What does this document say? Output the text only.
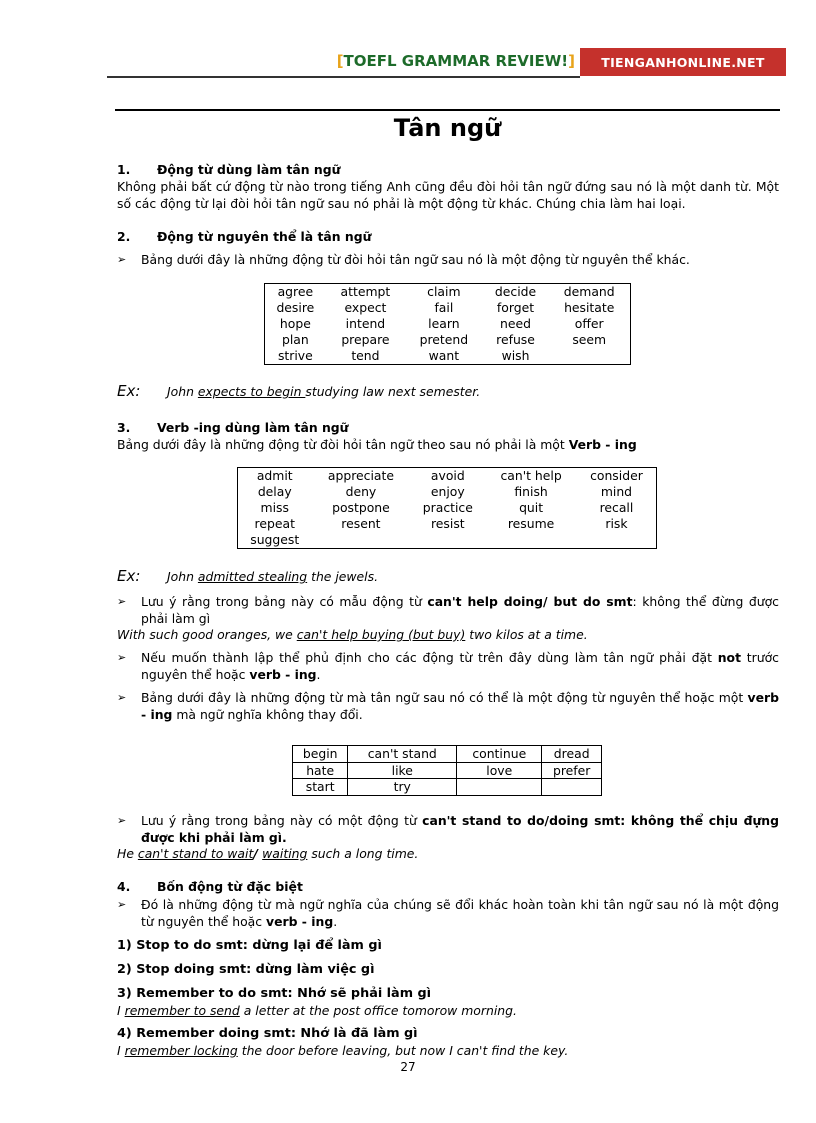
[TOEFL GRAMMAR REVIEW!]	TIENGANHONLINE.NET
Tân ngữ
1. Động từ dùng làm tân ngữ
Không phải bất cứ động từ nào trong tiếng Anh cũng đều đòi hỏi tân ngữ đứng sau nó là một danh từ. Một số các động từ lại đòi hỏi tân ngữ sau nó phải là một động từ khác. Chúng chia làm hai loại.
2. Động từ nguyên thể là tân ngữ
➢ Bảng dưới đây là những động từ đòi hỏi tân ngữ sau nó là một động từ nguyên thể khác.
agree	attempt	claim	decide	demand
desire	expect	fail	forget	hesitate
hope	intend	learn	need	offer
plan	prepare	pretend	refuse	seem
strive	tend	want	wish	
Ex: John expects to begin studying law next semester.
3. Verb -ing dùng làm tân ngữ
Bảng dưới đây là những động từ đòi hỏi tân ngữ theo sau nó phải là một Verb - ing
admit	appreciate	avoid	can't help	consider
delay	deny	enjoy	finish	mind
miss	postpone	practice	quit	recall
repeat	resent	resist	resume	risk
suggest				
Ex: John admitted stealing the jewels.
➢ Lưu ý rằng trong bảng này có mẫu động từ can't help doing/ but do smt: không thể đừng được phải làm gì
With such good oranges, we can't help buying (but buy) two kilos at a time.
➢ Nếu muốn thành lập thể phủ định cho các động từ trên đây dùng làm tân ngữ phải đặt not trước nguyên thể hoặc verb - ing.
➢ Bảng dưới đây là những động từ mà tân ngữ sau nó có thể là một động từ nguyên thể hoặc một verb - ing mà ngữ nghĩa không thay đổi.
begin	can't stand	continue	dread
hate	like	love	prefer
start	try		
➢ Lưu ý rằng trong bảng này có một động từ can't stand to do/doing smt: không thể chịu đựng được khi phải làm gì.
He can't stand to wait/ waiting such a long time.
4. Bốn động từ đặc biệt
➢ Đó là những động từ mà ngữ nghĩa của chúng sẽ đổi khác hoàn toàn khi tân ngữ sau nó là một động từ nguyên thể hoặc verb - ing.
1) Stop to do smt: dừng lại để làm gì
2) Stop doing smt: dừng làm việc gì
3) Remember to do smt: Nhớ sẽ phải làm gì
I remember to send a letter at the post office tomorow morning.
4) Remember doing smt: Nhớ là đã làm gì
I remember locking the door before leaving, but now I can't find the key.
27
